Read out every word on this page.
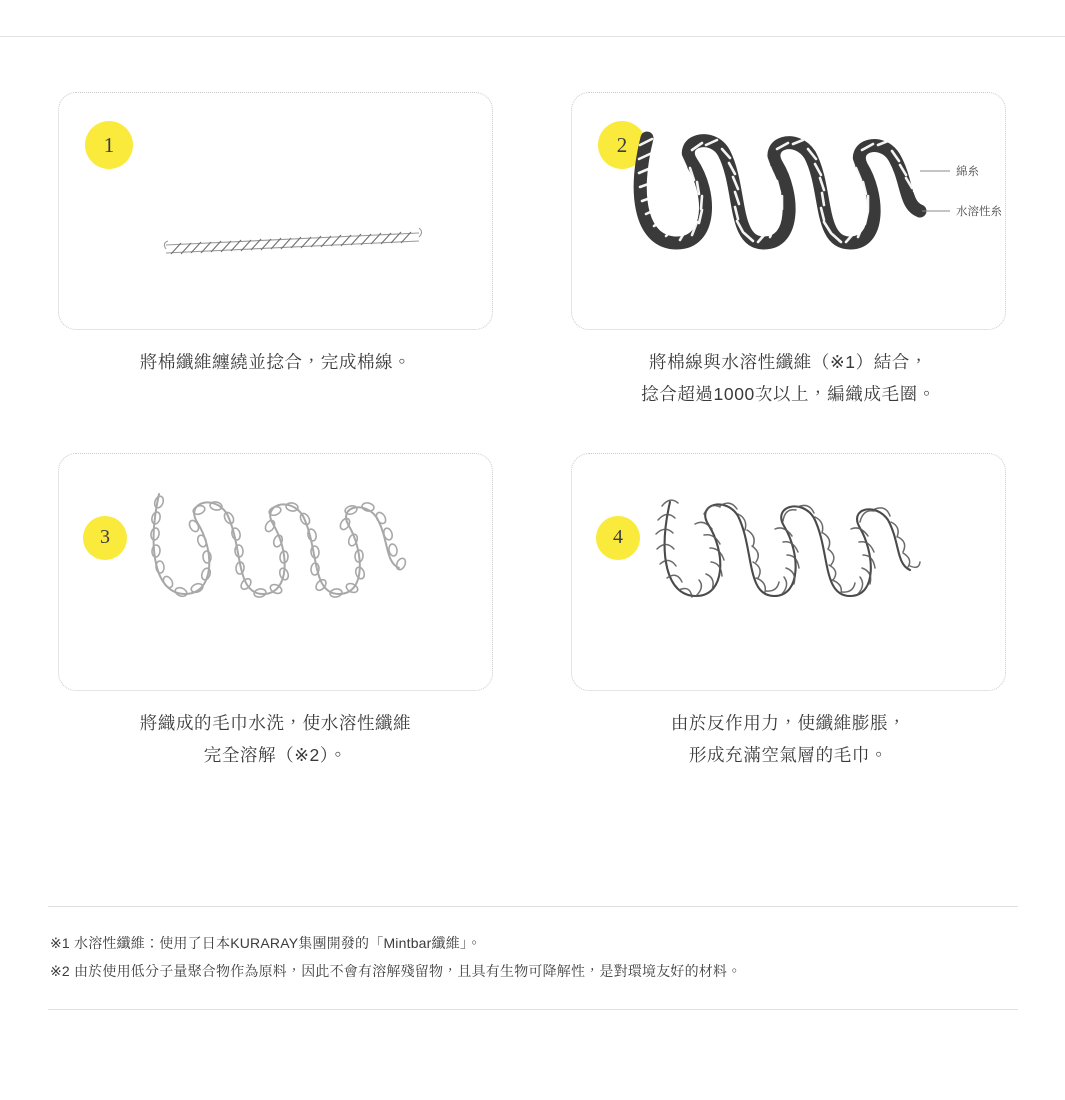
1
將棉纖維纏繞並捻合，完成棉線。
2
綿糸
水溶性糸
將棉線與水溶性纖維（※1）結合，
捻合超過1000次以上，編織成毛圈。
3
將織成的毛巾水洗，使水溶性纖維
完全溶解（※2）。
4
由於反作用力，使纖維膨脹，
形成充滿空氣層的毛巾。
※1 水溶性纖維：使用了日本KURARAY集團開發的「Mintbar纖維」。
※2 由於使用低分子量聚合物作為原料，因此不會有溶解殘留物，且具有生物可降解性，是對環境友好的材料。
